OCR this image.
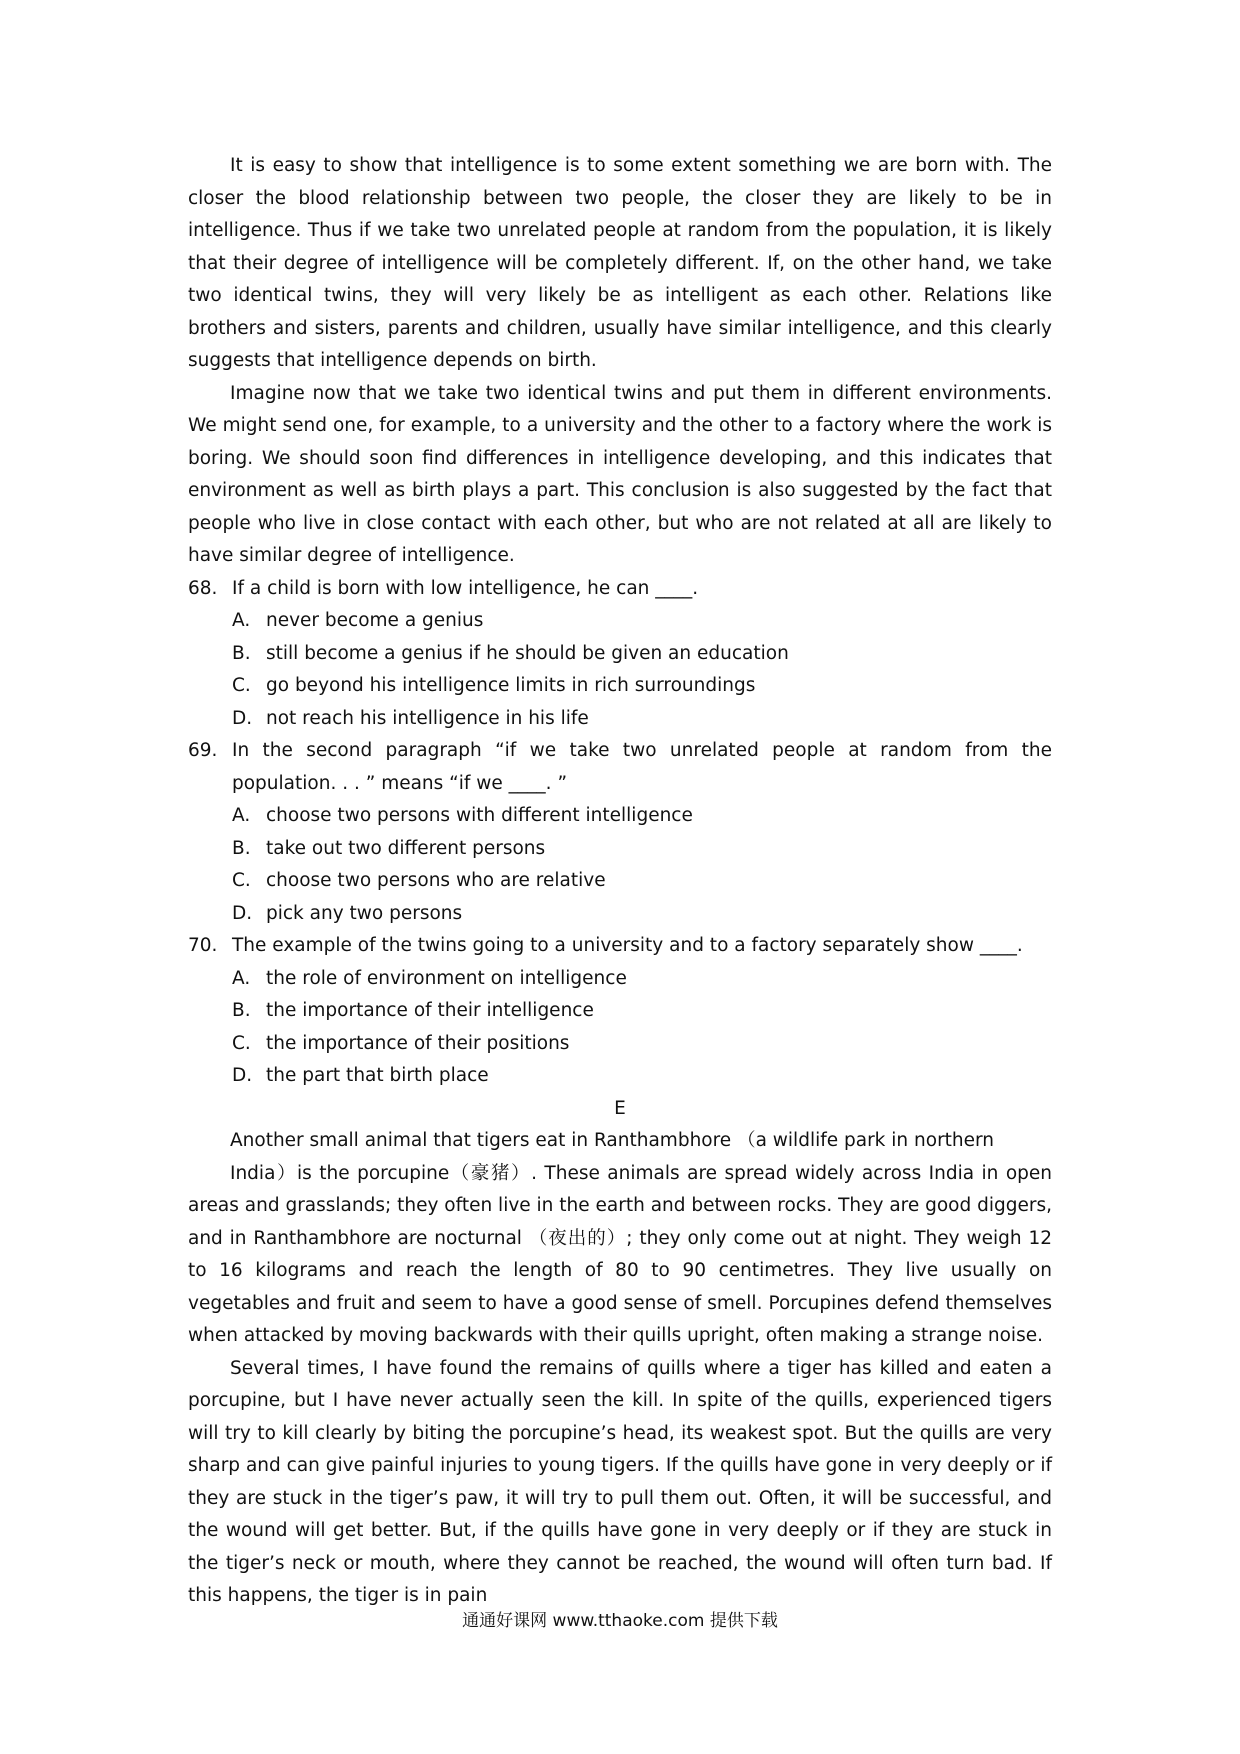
It is easy to show that intelligence is to some extent something we are born with. The closer the blood relationship between two people, the closer they are likely to be in intelligence. Thus if we take two unrelated people at random from the population, it is likely that their degree of intelligence will be completely different. If, on the other hand, we take two identical twins, they will very likely be as intelligent as each other. Relations like brothers and sisters, parents and children, usually have similar intelligence, and this clearly suggests that intelligence depends on birth.

Imagine now that we take two identical twins and put them in different environments. We might send one, for example, to a university and the other to a factory where the work is boring. We should soon find differences in intelligence developing, and this indicates that environment as well as birth plays a part. This conclusion is also suggested by the fact that people who live in close contact with each other, but who are not related at all are likely to have similar degree of intelligence.

68. If a child is born with low intelligence, he can ____.

A. never become a genius

B. still become a genius if he should be given an education

C. go beyond his intelligence limits in rich surroundings

D. not reach his intelligence in his life

69. In the second paragraph “if we take two unrelated people at random from the population. . . ” means “if we ____. ”

A. choose two persons with different intelligence

B. take out two different persons

C. choose two persons who are relative

D. pick any two persons

70. The example of the twins going to a university and to a factory separately show ____.

A. the role of environment on intelligence

B. the importance of their intelligence

C. the importance of their positions

D. the part that birth place

E

Another small animal that tigers eat in Ranthambhore （a wildlife park in northern

India）is the porcupine（豪猪）. These animals are spread widely across India in open areas and grasslands; they often live in the earth and between rocks. They are good diggers, and in Ranthambhore are nocturnal （夜出的）; they only come out at night. They weigh 12 to 16 kilograms and reach the length of 80 to 90 centimetres. They live usually on vegetables and fruit and seem to have a good sense of smell. Porcupines defend themselves when attacked by moving backwards with their quills upright, often making a strange noise.

Several times, I have found the remains of quills where a tiger has killed and eaten a porcupine, but I have never actually seen the kill. In spite of the quills, experienced tigers will try to kill clearly by biting the porcupine’s head, its weakest spot. But the quills are very sharp and can give painful injuries to young tigers. If the quills have gone in very deeply or if they are stuck in the tiger’s paw, it will try to pull them out. Often, it will be successful, and the wound will get better. But, if the quills have gone in very deeply or if they are stuck in the tiger’s neck or mouth, where they cannot be reached, the wound will often turn bad. If this happens, the tiger is in pain

通通好课网 www.tthaoke.com 提供下载
